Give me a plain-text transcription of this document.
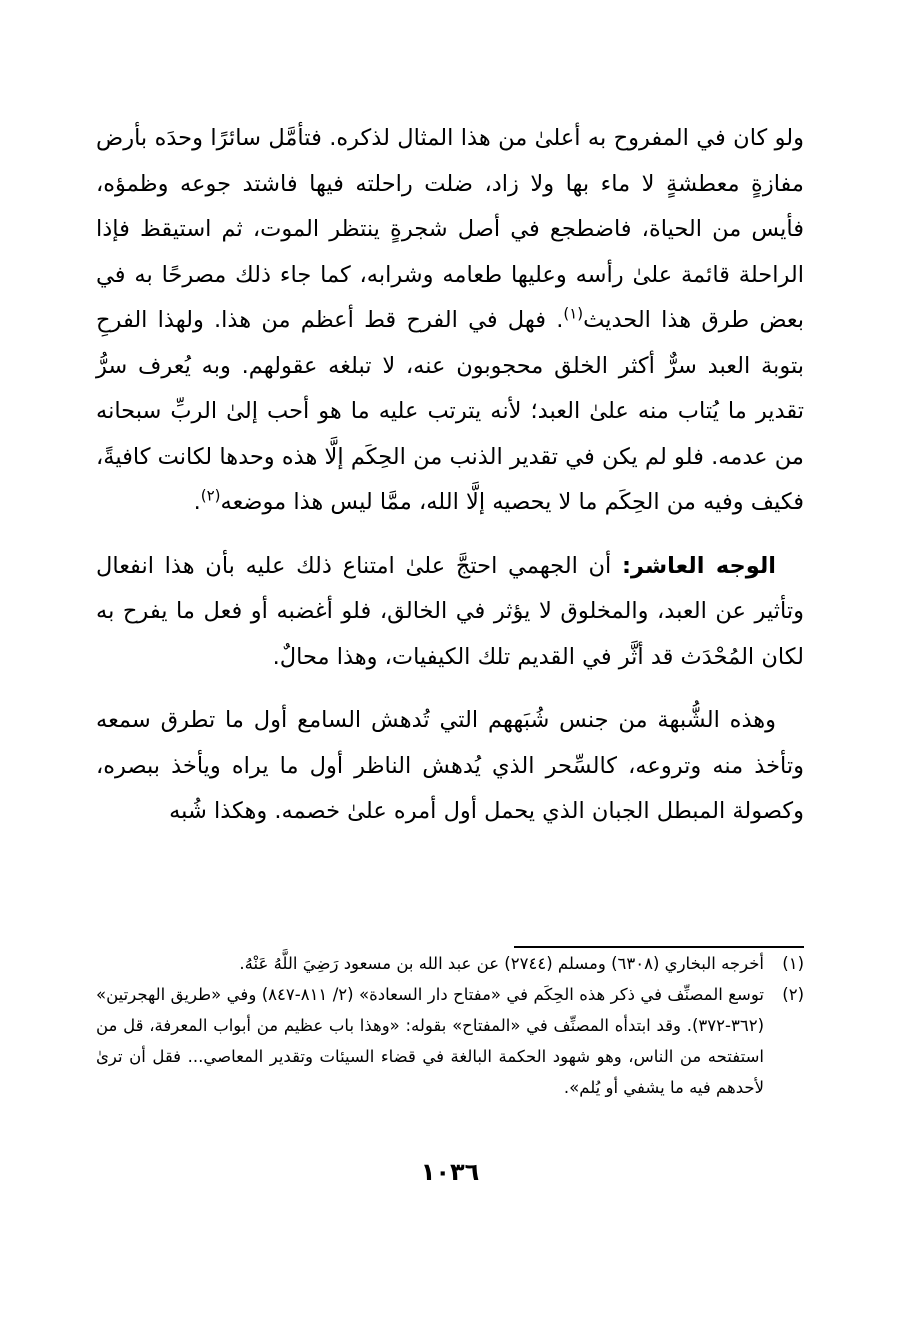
ولو كان في المفروح به أعلىٰ من هذا المثال لذكره. فتأمَّل سائرًا وحدَه بأرض مفازةٍ معطشةٍ لا ماء بها ولا زاد، ضلت راحلته فيها فاشتد جوعه وظمؤه، فأيس من الحياة، فاضطجع في أصل شجرةٍ ينتظر الموت، ثم استيقظ فإذا الراحلة قائمة علىٰ رأسه وعليها طعامه وشرابه، كما جاء ذلك مصرحًا به في بعض طرق هذا الحديث$^{(١)}$. فهل في الفرح قط أعظم من هذا. ولهذا الفرحِ بتوبة العبد سرٌّ أكثر الخلق محجوبون عنه، لا تبلغه عقولهم. وبه يُعرف سرُّ تقدير ما يُتاب منه علىٰ العبد؛ لأنه يترتب عليه ما هو أحب إلىٰ الربِّ سبحانه من عدمه. فلو لم يكن في تقدير الذنب من الحِكَم إلَّا هذه وحدها لكانت كافيةً، فكيف وفيه من الحِكَم ما لا يحصيه إلَّا الله، ممَّا ليس هذا موضعه$^{(٢)}$.

الوجه العاشر: أن الجهمي احتجَّ علىٰ امتناع ذلك عليه بأن هذا انفعال وتأثير عن العبد، والمخلوق لا يؤثر في الخالق، فلو أغضبه أو فعل ما يفرح به لكان المُحْدَث قد أثَّر في القديم تلك الكيفيات، وهذا محالٌ.

وهذه الشُّبهة من جنس شُبَههم التي تُدهش السامع أول ما تطرق سمعه وتأخذ منه وتروعه، كالسِّحر الذي يُدهش الناظر أول ما يراه ويأخذ ببصره، وكصولة المبطل الجبان الذي يحمل أول أمره علىٰ خصمه. وهكذا شُبه

(١)
أخرجه البخاري (٦٣٠٨) ومسلم (٢٧٤٤) عن عبد الله بن مسعود رَضِيَ اللَّهُ عَنْهُ.
(٢)
توسع المصنِّف في ذكر هذه الحِكَم في «مفتاح دار السعادة» (٢/ ٨١١-٨٤٧) وفي «طريق الهجرتين» (٣٦٢-٣٧٢). وقد ابتدأه المصنِّف في «المفتاح» بقوله: «وهذا باب عظيم من أبواب المعرفة، قل من استفتحه من الناس، وهو شهود الحكمة البالغة في قضاء السيئات وتقدير المعاصي... فقل أن ترىٰ لأحدهم فيه ما يشفي أو يُلم».
١٠٣٦
